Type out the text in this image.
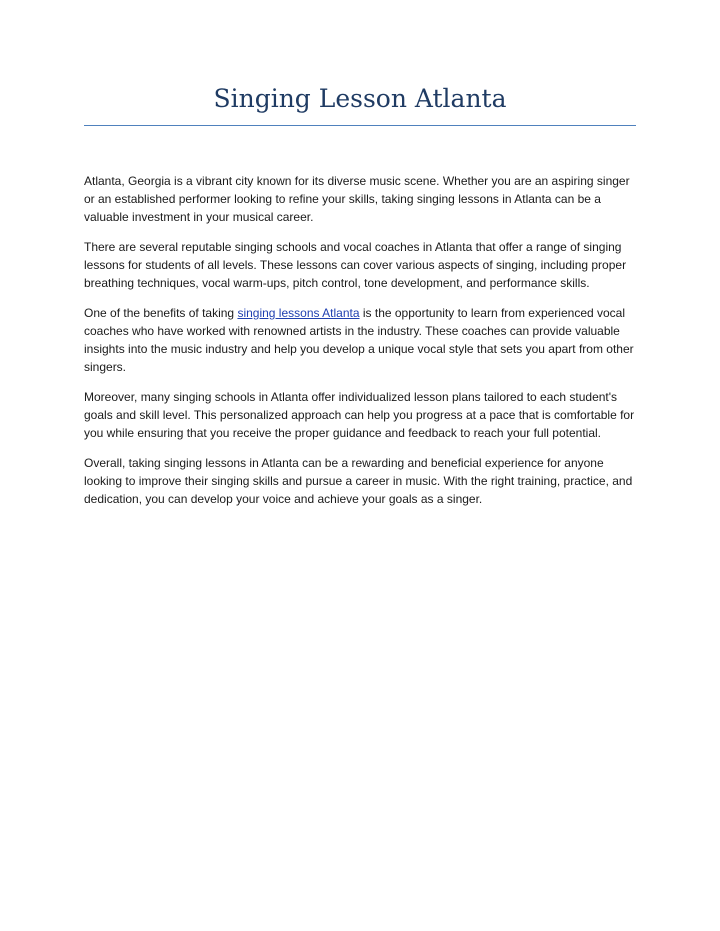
Singing Lesson Atlanta

Atlanta, Georgia is a vibrant city known for its diverse music scene. Whether you are an aspiring singer or an established performer looking to refine your skills, taking singing lessons in Atlanta can be a valuable investment in your musical career.

There are several reputable singing schools and vocal coaches in Atlanta that offer a range of singing lessons for students of all levels. These lessons can cover various aspects of singing, including proper breathing techniques, vocal warm-ups, pitch control, tone development, and performance skills.

One of the benefits of taking singing lessons Atlanta is the opportunity to learn from experienced vocal coaches who have worked with renowned artists in the industry. These coaches can provide valuable insights into the music industry and help you develop a unique vocal style that sets you apart from other singers.

Moreover, many singing schools in Atlanta offer individualized lesson plans tailored to each student's goals and skill level. This personalized approach can help you progress at a pace that is comfortable for you while ensuring that you receive the proper guidance and feedback to reach your full potential.

Overall, taking singing lessons in Atlanta can be a rewarding and beneficial experience for anyone looking to improve their singing skills and pursue a career in music. With the right training, practice, and dedication, you can develop your voice and achieve your goals as a singer.
